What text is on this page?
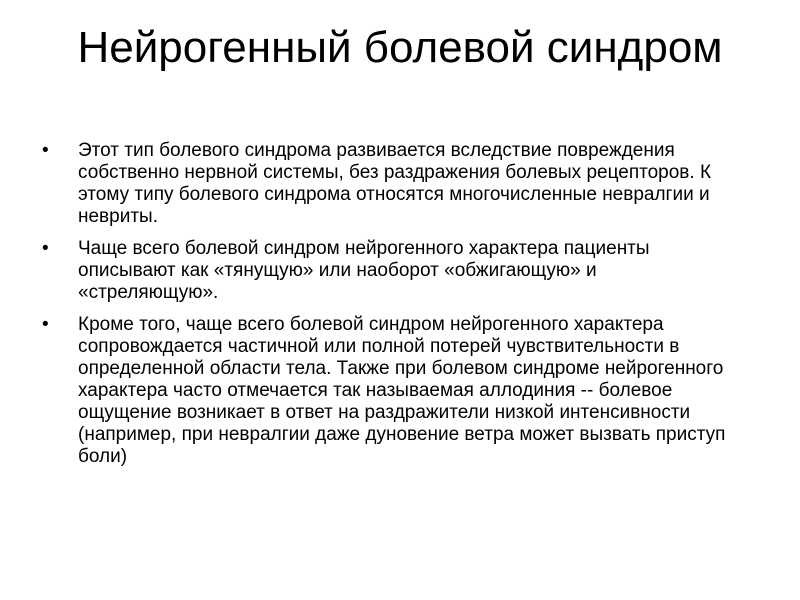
Нейрогенный болевой синдром
• Этот тип болевого синдрома развивается вследствие повреждения собственно нервной системы, без раздражения болевых рецепторов. К этому типу болевого синдрома относятся многочисленные невралгии и невриты.
• Чаще всего болевой синдром нейрогенного характера пациенты описывают как «тянущую» или наоборот «обжигающую» и «стреляющую».
• Кроме того, чаще всего болевой синдром нейрогенного характера сопровождается частичной или полной потерей чувствительности в определенной области тела. Также при болевом синдроме нейрогенного характера часто отмечается так называемая аллодиния -- болевое ощущение возникает в ответ на раздражители низкой интенсивности (например, при невралгии даже дуновение ветра может вызвать приступ боли)
